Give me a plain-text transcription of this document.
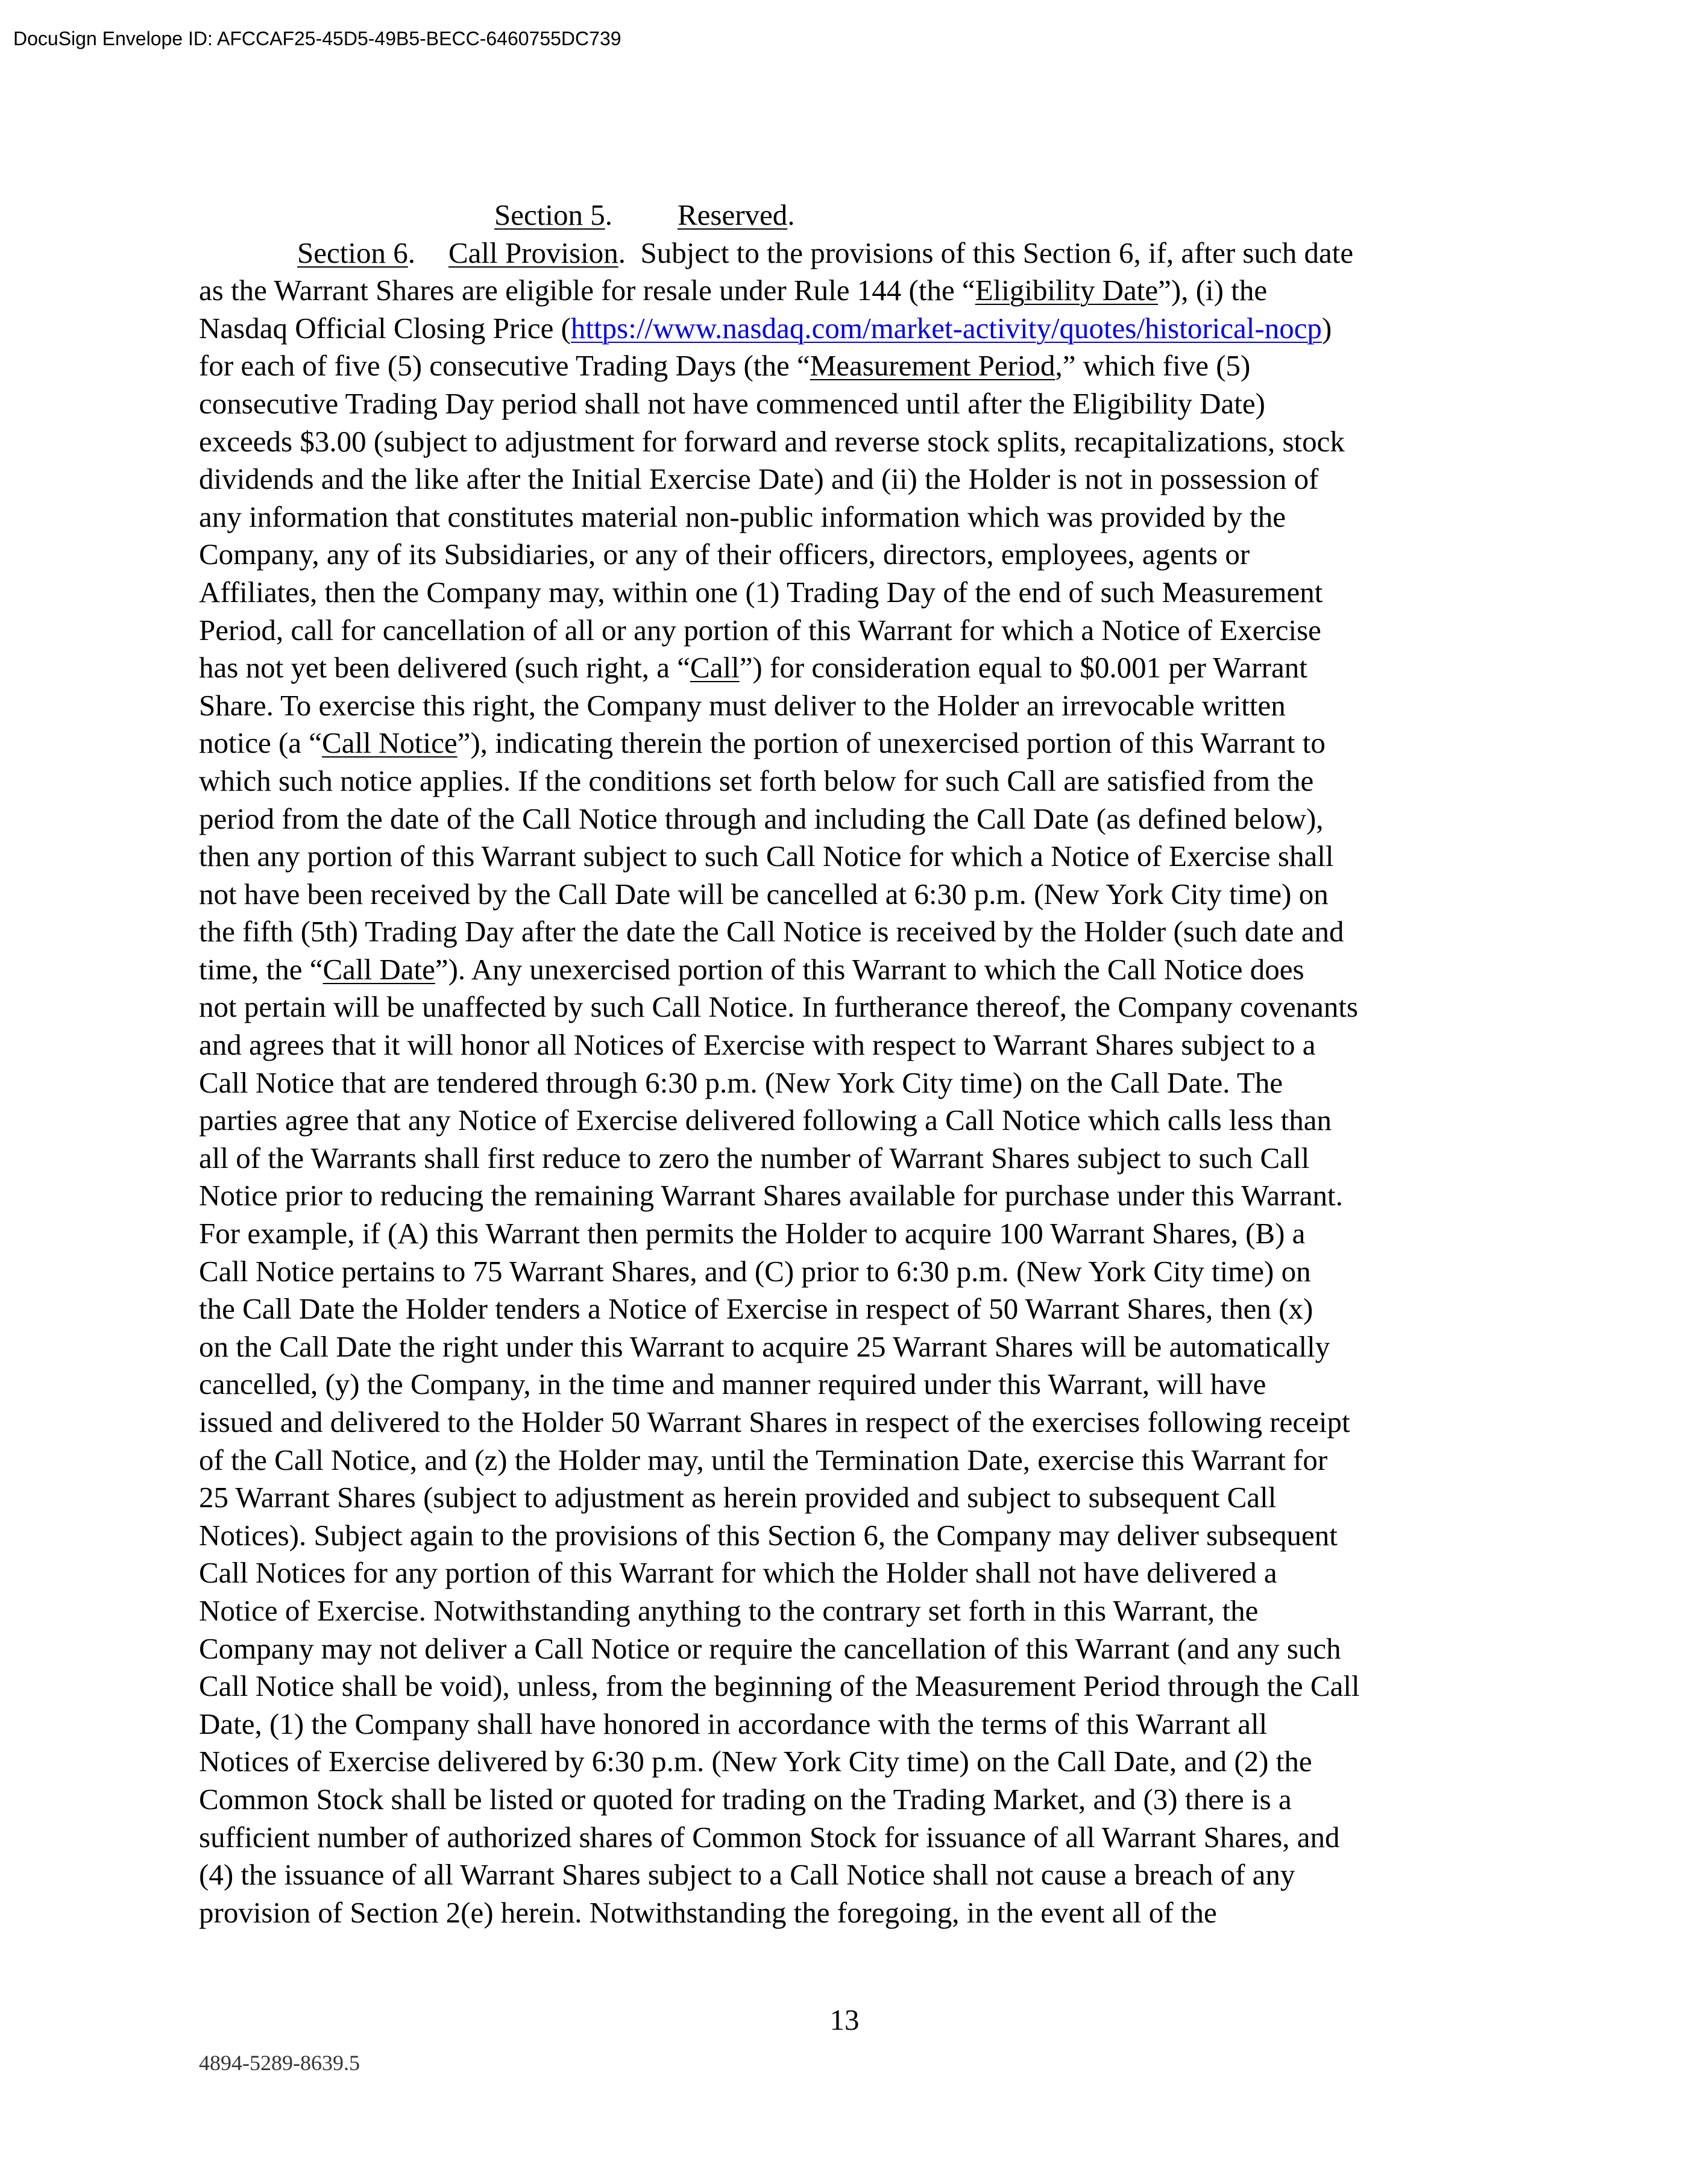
DocuSign Envelope ID: AFCCAF25-45D5-49B5-BECC-6460755DC739
Section 5. Reserved.
Section 6. Call Provision.  Subject to the provisions of this Section 6, if, after such date
as the Warrant Shares are eligible for resale under Rule 144 (the “Eligibility Date”), (i) the
Nasdaq Official Closing Price (https://www.nasdaq.com/market-activity/quotes/historical-nocp)
for each of five (5) consecutive Trading Days (the “Measurement Period,” which five (5)
consecutive Trading Day period shall not have commenced until after the Eligibility Date)
exceeds $3.00 (subject to adjustment for forward and reverse stock splits, recapitalizations, stock
dividends and the like after the Initial Exercise Date) and (ii) the Holder is not in possession of
any information that constitutes material non-public information which was provided by the
Company, any of its Subsidiaries, or any of their officers, directors, employees, agents or
Affiliates, then the Company may, within one (1) Trading Day of the end of such Measurement
Period, call for cancellation of all or any portion of this Warrant for which a Notice of Exercise
has not yet been delivered (such right, a “Call”) for consideration equal to $0.001 per Warrant
Share. To exercise this right, the Company must deliver to the Holder an irrevocable written
notice (a “Call Notice”), indicating therein the portion of unexercised portion of this Warrant to
which such notice applies. If the conditions set forth below for such Call are satisfied from the
period from the date of the Call Notice through and including the Call Date (as defined below),
then any portion of this Warrant subject to such Call Notice for which a Notice of Exercise shall
not have been received by the Call Date will be cancelled at 6:30 p.m. (New York City time) on
the fifth (5th) Trading Day after the date the Call Notice is received by the Holder (such date and
time, the “Call Date”). Any unexercised portion of this Warrant to which the Call Notice does
not pertain will be unaffected by such Call Notice. In furtherance thereof, the Company covenants
and agrees that it will honor all Notices of Exercise with respect to Warrant Shares subject to a
Call Notice that are tendered through 6:30 p.m. (New York City time) on the Call Date. The
parties agree that any Notice of Exercise delivered following a Call Notice which calls less than
all of the Warrants shall first reduce to zero the number of Warrant Shares subject to such Call
Notice prior to reducing the remaining Warrant Shares available for purchase under this Warrant.
For example, if (A) this Warrant then permits the Holder to acquire 100 Warrant Shares, (B) a
Call Notice pertains to 75 Warrant Shares, and (C) prior to 6:30 p.m. (New York City time) on
the Call Date the Holder tenders a Notice of Exercise in respect of 50 Warrant Shares, then (x)
on the Call Date the right under this Warrant to acquire 25 Warrant Shares will be automatically
cancelled, (y) the Company, in the time and manner required under this Warrant, will have
issued and delivered to the Holder 50 Warrant Shares in respect of the exercises following receipt
of the Call Notice, and (z) the Holder may, until the Termination Date, exercise this Warrant for
25 Warrant Shares (subject to adjustment as herein provided and subject to subsequent Call
Notices). Subject again to the provisions of this Section 6, the Company may deliver subsequent
Call Notices for any portion of this Warrant for which the Holder shall not have delivered a
Notice of Exercise. Notwithstanding anything to the contrary set forth in this Warrant, the
Company may not deliver a Call Notice or require the cancellation of this Warrant (and any such
Call Notice shall be void), unless, from the beginning of the Measurement Period through the Call
Date, (1) the Company shall have honored in accordance with the terms of this Warrant all
Notices of Exercise delivered by 6:30 p.m. (New York City time) on the Call Date, and (2) the
Common Stock shall be listed or quoted for trading on the Trading Market, and (3) there is a
sufficient number of authorized shares of Common Stock for issuance of all Warrant Shares, and
(4) the issuance of all Warrant Shares subject to a Call Notice shall not cause a breach of any
provision of Section 2(e) herein. Notwithstanding the foregoing, in the event all of the
13
4894-5289-8639.5
